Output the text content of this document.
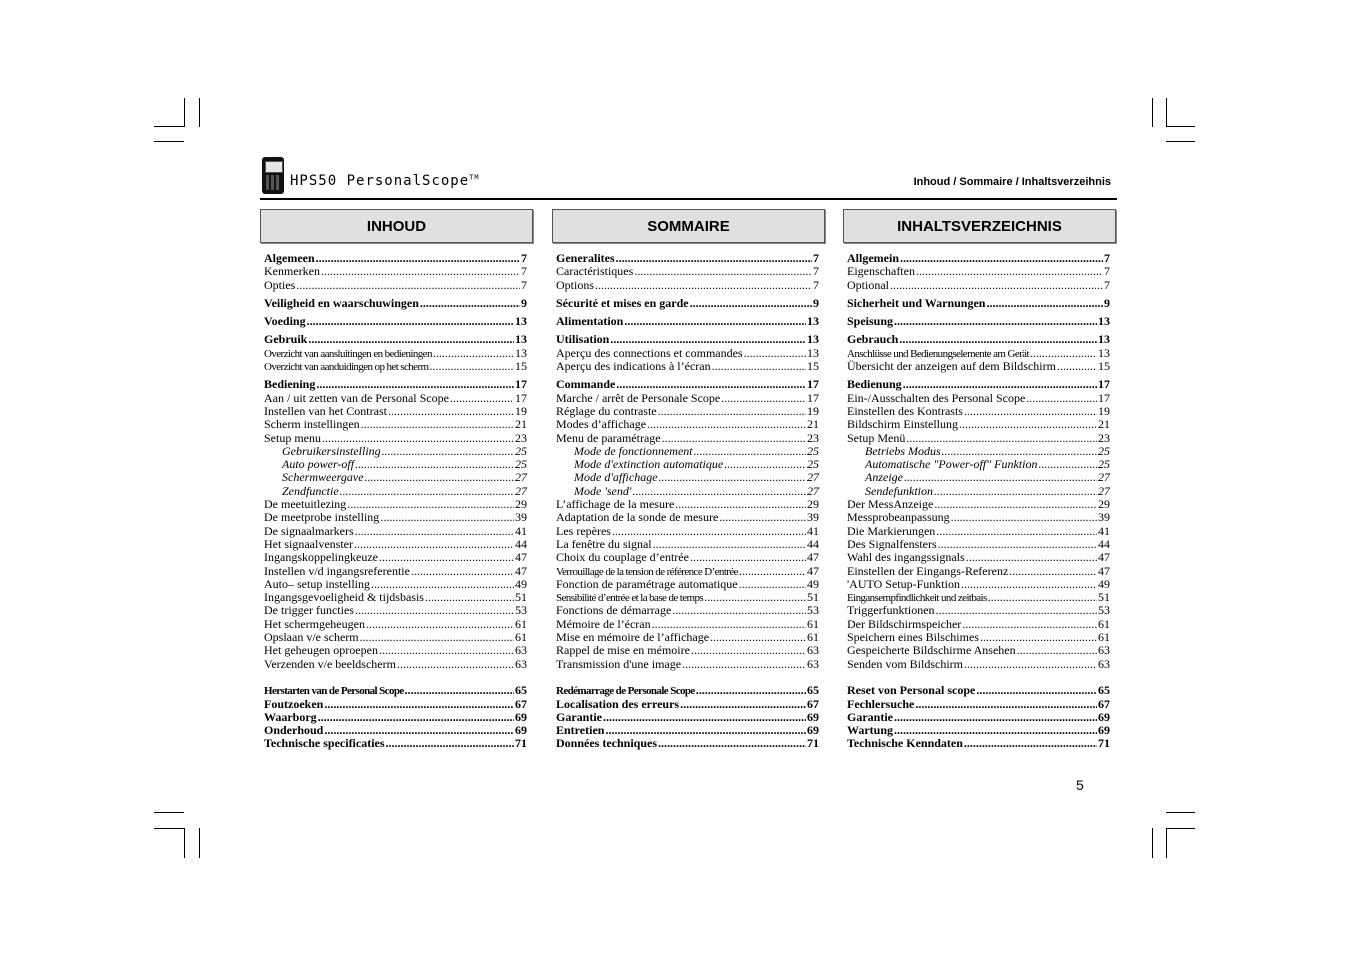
HPS50 PersonalScope™	Inhoud / Sommaire / Inhaltsverzeihnis
INHOUD
Algemeen .....	7
Kenmerken .....	7
Opties .....	7
Veiligheid en waarschuwingen .....	9
Voeding .....	13
Gebruik .....	13
Overzicht van aansluitingen en bedieningen .....	13
Overzicht van aanduidingen op het scherm .....	15
Bediening .....	17
Aan / uit zetten van de Personal Scope .....	17
Instellen van het Contrast .....	19
Scherm instellingen .....	21
Setup menu .....	23
Gebruikersinstelling .....	25
Auto power-off .....	25
Schermweergave .....	27
Zendfunctie .....	27
De meetuitlezing .....	29
De meetprobe instelling .....	39
De signaalmarkers .....	41
Het signaalvenster .....	44
Ingangskoppelingkeuze .....	47
Instellen v/d ingangsreferentie .....	47
Auto– setup instelling .....	49
Ingangsgevoeligheid & tijdsbasis .....	51
De trigger functies .....	53
Het schermgeheugen .....	61
Opslaan v/e scherm .....	61
Het geheugen oproepen .....	63
Verzenden v/e beeldscherm .....	63
Herstarten van de Personal Scope .....	65
Foutzoeken .....	67
Waarborg .....	69
Onderhoud .....	69
Technische specificaties .....	71
SOMMAIRE
Generalites .....	7
Caractéristiques .....	7
Options .....	7
Sécurité et mises en garde .....	9
Alimentation .....	13
Utilisation .....	13
Aperçu des connections et commandes .....	13
Aperçu des indications à l’écran .....	15
Commande .....	17
Marche / arrêt de Personale Scope .....	17
Réglage du contraste .....	19
Modes d’affichage .....	21
Menu de paramétrage .....	23
Mode de fonctionnement .....	25
Mode d'extinction automatique .....	25
Mode d'affichage .....	27
Mode 'send' .....	27
L’affichage de la mesure .....	29
Adaptation de la sonde de mesure .....	39
Les repères .....	41
La fenêtre du signal .....	44
Choix du couplage d’entrée .....	47
Verrouillage de la tension de référence D’entrée .....	47
Fonction de paramétrage automatique .....	49
Sensibilité d’entrée et la base de temps .....	51
Fonctions de démarrage .....	53
Mémoire de l’écran .....	61
Mise en mémoire de l’affichage .....	61
Rappel de mise en mémoire .....	63
Transmission d'une image .....	63
Redémarrage de Personale Scope .....	65
Localisation des erreurs .....	67
Garantie .....	69
Entretien .....	69
Données techniques .....	71
INHALTSVERZEICHNIS
Allgemein .....	7
Eigenschaften .....	7
Optional .....	7
Sicherheit und Warnungen .....	9
Speisung .....	13
Gebrauch .....	13
Anschlüsse und Bedienungselemente am Gerät .....	13
Übersicht der anzeigen auf dem Bildschirm .....	15
Bedienung .....	17
Ein-/Ausschalten des Personal Scope .....	17
Einstellen des Kontrasts .....	19
Bildschirm Einstellung .....	21
Setup Menü .....	23
Betriebs Modus .....	25
Automatische "Power-off" Funktion .....	25
Anzeige .....	27
Sendefunktion .....	27
Der MessAnzeige .....	29
Messprobeanpassung .....	39
Die Markierungen .....	41
Des Signalfensters .....	44
Wahl des ingangssignals .....	47
Einstellen der Eingangs-Referenz .....	47
'AUTO Setup-Funktion .....	49
Eingansempfindlichkeit und zeitbais .....	51
Triggerfunktionen .....	53
Der Bildschirmspeicher .....	61
Speichern eines Bilschimes .....	61
Gespeicherte Bildschirme Ansehen .....	63
Senden vom Bildschirm .....	63
Reset von Personal scope .....	65
Fechlersuche .....	67
Garantie .....	69
Wartung .....	69
Technische Kenndaten .....	71
5
